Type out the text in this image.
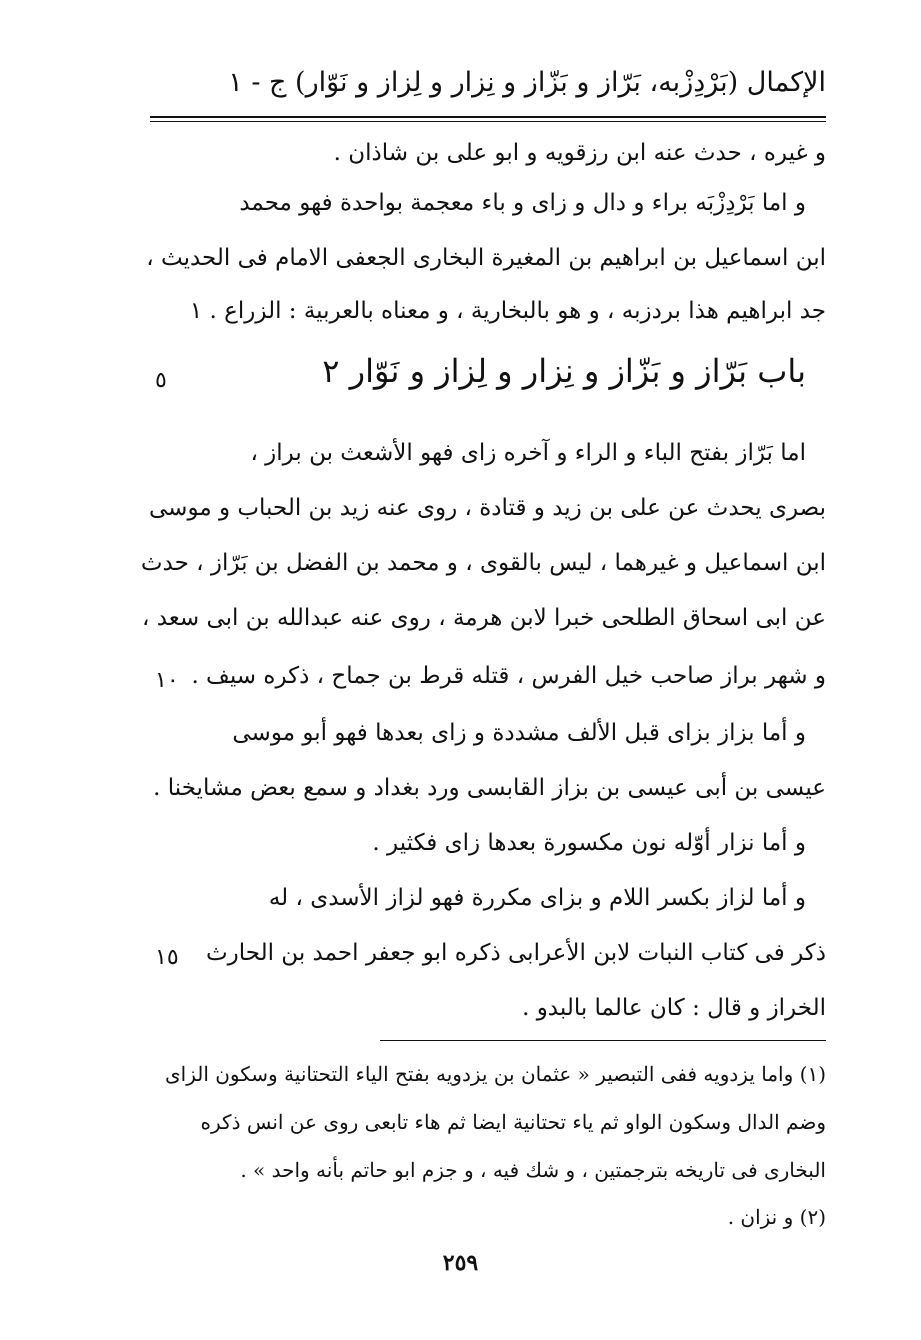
الإكمال (بَرْدِزْبه، بَرّاز و بَزّاز و نِزار و لِزاز و نَوّار) ج - ١
و غيره ، حدث عنه ابن رزقويه و ابو على بن شاذان .
و اما بَرْدِزْبَه براء و دال و زاى و باء معجمة بواحدة فهو محمد
ابن اسماعيل بن ابراهيم بن المغيرة البخارى الجعفى الامام فى الحديث ،
جد ابراهيم هذا بردزبه ، و هو بالبخارية ، و معناه بالعربية : الزراع . ١
اما بَرّاز بفتح الباء و الراء و آخره زاى فهو الأشعث بن براز ،
بصرى يحدث عن على بن زيد و قتادة ، روى عنه زيد بن الحباب و موسى
ابن اسماعيل و غيرهما ، ليس بالقوى ، و محمد بن الفضل بن بَرّاز ، حدث
عن ابى اسحاق الطلحى خبرا لابن هرمة ، روى عنه عبدالله بن ابى سعد ،
و شهر براز صاحب خيل الفرس ، قتله قرط بن جماح ، ذكره سيف .
و أما بزاز بزاى قبل الألف مشددة و زاى بعدها فهو أبو موسى
عيسى بن أبى عيسى بن بزاز القابسى ورد بغداد و سمع بعض مشايخنا .
و أما نزار أوّله نون مكسورة بعدها زاى فكثير .
و أما لزاز بكسر اللام و بزاى مكررة فهو لزاز الأسدى ، له
ذكر فى كتاب النبات لابن الأعرابى ذكره ابو جعفر احمد بن الحارث
الخراز و قال : كان عالما بالبدو .
باب بَرّاز و بَزّاز و نِزار و لِزاز و نَوّار ٢
٥
١٠
١٥
(١) واما يزدويه ففى التبصير « عثمان بن يزدويه بفتح الياء التحتانية وسكون الزاى
وضم الدال وسكون الواو ثم ياء تحتانية ايضا ثم هاء تابعى روى عن انس ذكره
البخارى فى تاريخه بترجمتين ، و شك فيه ، و جزم ابو حاتم بأنه واحد » .
(٢) و نزان .
٢٥٩
